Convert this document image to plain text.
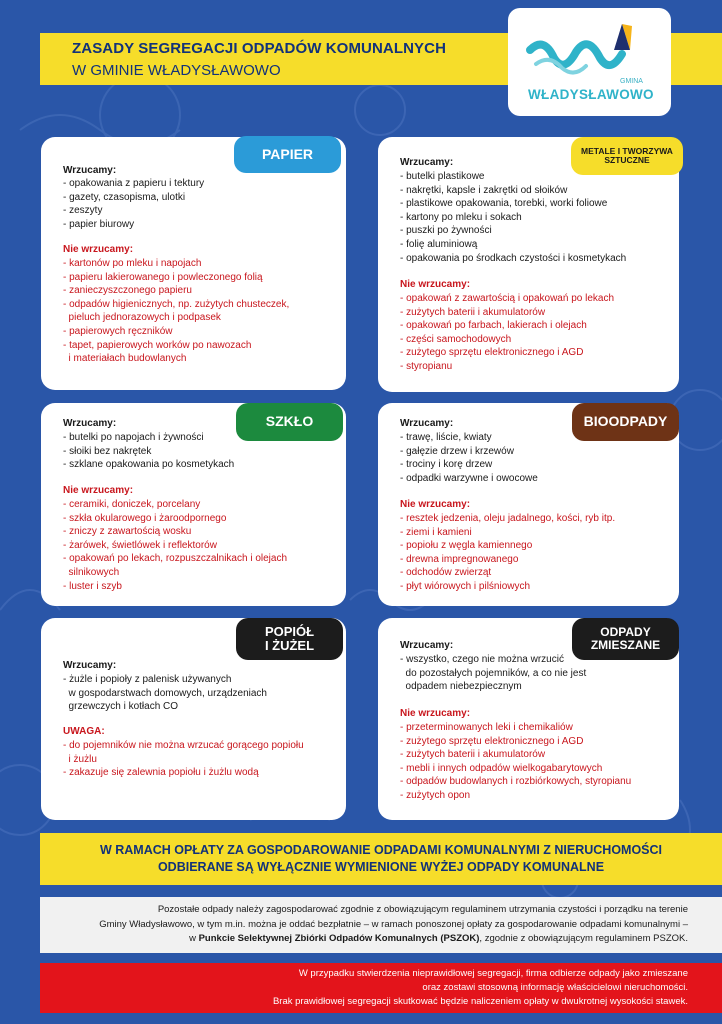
ZASADY SEGREGACJI ODPADÓW KOMUNALNYCH
W GMINIE WŁADYSŁAWOWO
GMINA
WŁADYSŁAWOWO
PAPIER
Wrzucamy:
- opakowania z papieru i tektury
- gazety, czasopisma, ulotki
- zeszyty
- papier biurowy
Nie wrzucamy:
- kartonów po mleku i napojach
- papieru lakierowanego i powleczonego folią
- zanieczyszczonego papieru
- odpadów higienicznych, np. zużytych chusteczek,
pieluch jednorazowych i podpasek
- papierowych ręczników
- tapet, papierowych worków po nawozach
i materiałach budowlanych
METALE I TWORZYWA
SZTUCZNE
Wrzucamy:
- butelki plastikowe
- nakrętki, kapsle i zakrętki od słoików
- plastikowe opakowania, torebki, worki foliowe
- kartony po mleku i sokach
- puszki po żywności
- folię aluminiową
- opakowania po środkach czystości i kosmetykach
Nie wrzucamy:
- opakowań z zawartością i opakowań po lekach
- zużytych baterii i akumulatorów
- opakowań po farbach, lakierach i olejach
- części samochodowych
- zużytego sprzętu elektronicznego i AGD
- styropianu
SZKŁO
Wrzucamy:
- butelki po napojach i żywności
- słoiki bez nakrętek
- szklane opakowania po kosmetykach
Nie wrzucamy:
- ceramiki, doniczek, porcelany
- szkła okularowego i żaroodpornego
- zniczy z zawartością wosku
- żarówek, świetlówek i reflektorów
- opakowań po lekach, rozpuszczalnikach i olejach
silnikowych
- luster i szyb
BIOODPADY
Wrzucamy:
- trawę, liście, kwiaty
- gałęzie drzew i krzewów
- trociny i korę drzew
- odpadki warzywne i owocowe
Nie wrzucamy:
- resztek jedzenia, oleju jadalnego, kości, ryb itp.
- ziemi i kamieni
- popiołu z węgla kamiennego
- drewna impregnowanego
- odchodów zwierząt
- płyt wiórowych i pilśniowych
POPIÓŁ
I ŻUŻEL
Wrzucamy:
- żużle i popioły z palenisk używanych
w gospodarstwach domowych, urządzeniach
grzewczych i kotłach CO
UWAGA:
- do pojemników nie można wrzucać gorącego popiołu
i żużlu
- zakazuje się zalewnia popiołu i żużlu wodą
ODPADY
ZMIESZANE
Wrzucamy:
- wszystko, czego nie można wrzucić
do pozostałych pojemników, a co nie jest
odpadem niebezpiecznym
Nie wrzucamy:
- przeterminowanych leki i chemikaliów
- zużytego sprzętu elektronicznego i AGD
- zużytych baterii i akumulatorów
- mebli i innych odpadów wielkogabarytowych
- odpadów budowlanych i rozbiórkowych, styropianu
- zużytych opon
W RAMACH OPŁATY ZA GOSPODAROWANIE ODPADAMI KOMUNALNYMI Z NIERUCHOMOŚCI
ODBIERANE SĄ WYŁĄCZNIE WYMIENIONE WYŻEJ ODPADY KOMUNALNE
Pozostałe odpady należy zagospodarować zgodnie z obowiązującym regulaminem utrzymania czystości i porządku na terenie
Gminy Władysławowo, w tym m.in. można je oddać bezpłatnie – w ramach ponoszonej opłaty za gospodarowanie odpadami komunalnymi –
w Punkcie Selektywnej Zbiórki Odpadów Komunalnych (PSZOK), zgodnie z obowiązującym regulaminem PSZOK.
W przypadku stwierdzenia nieprawidłowej segregacji, firma odbierze odpady jako zmieszane
oraz zostawi stosowną informację właścicielowi nieruchomości.
Brak prawidłowej segregacji skutkować będzie naliczeniem opłaty w dwukrotnej wysokości stawek.
